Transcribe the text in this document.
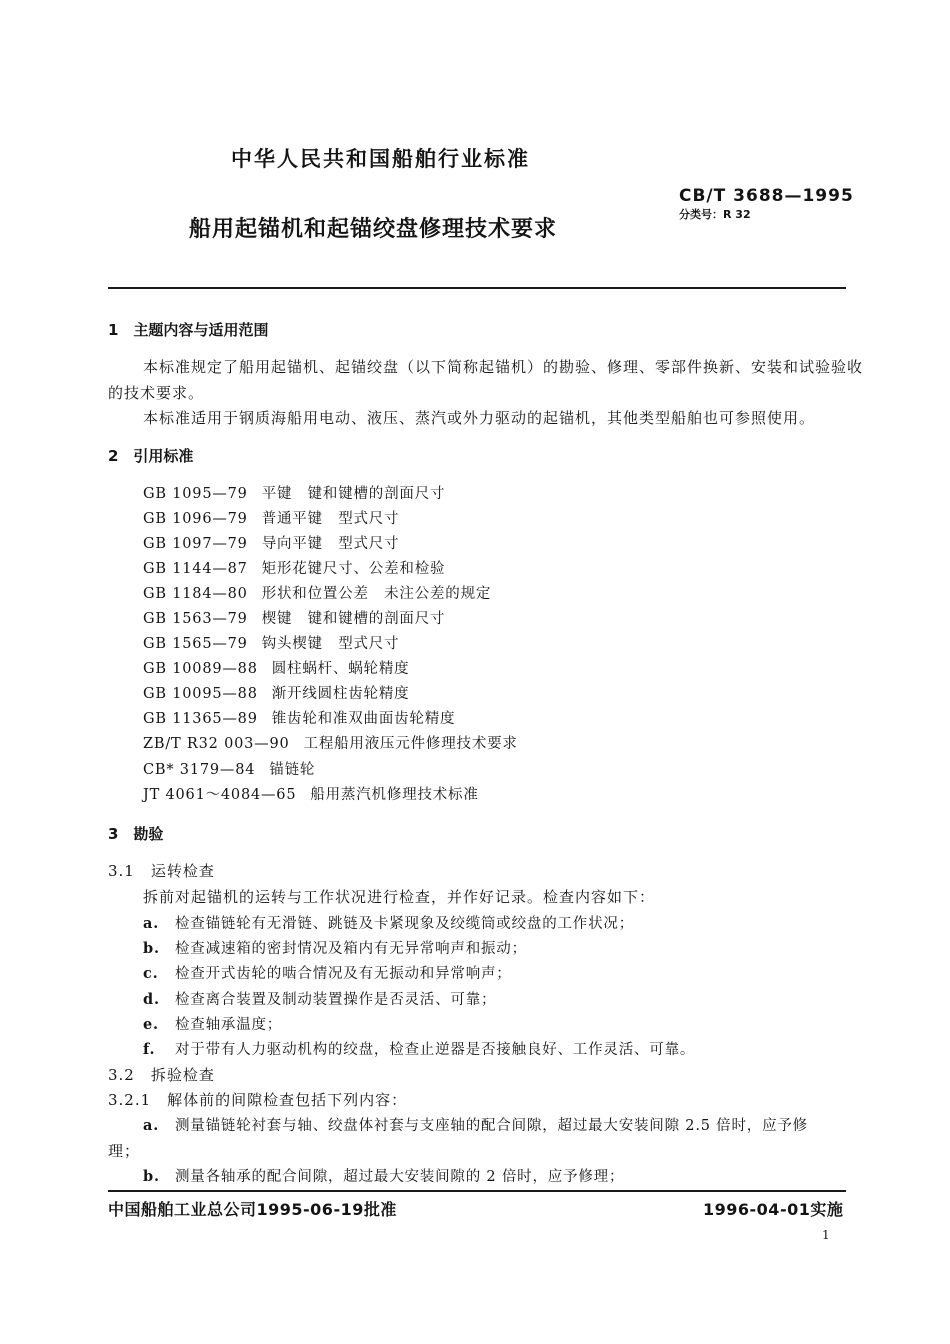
中华人民共和国船舶行业标准
CB/T 3688—1995
分类号：R 32
船用起锚机和起锚绞盘修理技术要求
1　主题内容与适用范围
本标准规定了船用起锚机、起锚绞盘（以下简称起锚机）的勘验、修理、零部件换新、安装和试验验收
的技术要求。
本标准适用于钢质海船用电动、液压、蒸汽或外力驱动的起锚机，其他类型船舶也可参照使用。
2　引用标准
GB 1095—79 平键　键和键槽的剖面尺寸
GB 1096—79 普通平键　型式尺寸
GB 1097—79 导向平键　型式尺寸
GB 1144—87 矩形花键尺寸、公差和检验
GB 1184—80 形状和位置公差　未注公差的规定
GB 1563—79 楔键　键和键槽的剖面尺寸
GB 1565—79 钩头楔键　型式尺寸
GB 10089—88 圆柱蜗杆、蜗轮精度
GB 10095—88 渐开线圆柱齿轮精度
GB 11365—89 锥齿轮和准双曲面齿轮精度
ZB/T R32 003—90 工程船用液压元件修理技术要求
CB* 3179—84 锚链轮
JT 4061～4084—65 船用蒸汽机修理技术标准
3　勘验
3.1　运转检查
拆前对起锚机的运转与工作状况进行检查，并作好记录。检查内容如下：
a. 检查锚链轮有无滑链、跳链及卡紧现象及绞缆筒或绞盘的工作状况；
b. 检查减速箱的密封情况及箱内有无异常响声和振动；
c. 检查开式齿轮的啮合情况及有无振动和异常响声；
d. 检查离合装置及制动装置操作是否灵活、可靠；
e. 检查轴承温度；
f. 对于带有人力驱动机构的绞盘，检查止逆器是否接触良好、工作灵活、可靠。
3.2　拆验检查
3.2.1　解体前的间隙检查包括下列内容：
a. 测量锚链轮衬套与轴、绞盘体衬套与支座轴的配合间隙，超过最大安装间隙 2.5 倍时，应予修
理；
b. 测量各轴承的配合间隙，超过最大安装间隙的 2 倍时，应予修理；
中国船舶工业总公司1995-06-19批准	1996-04-01实施
1
